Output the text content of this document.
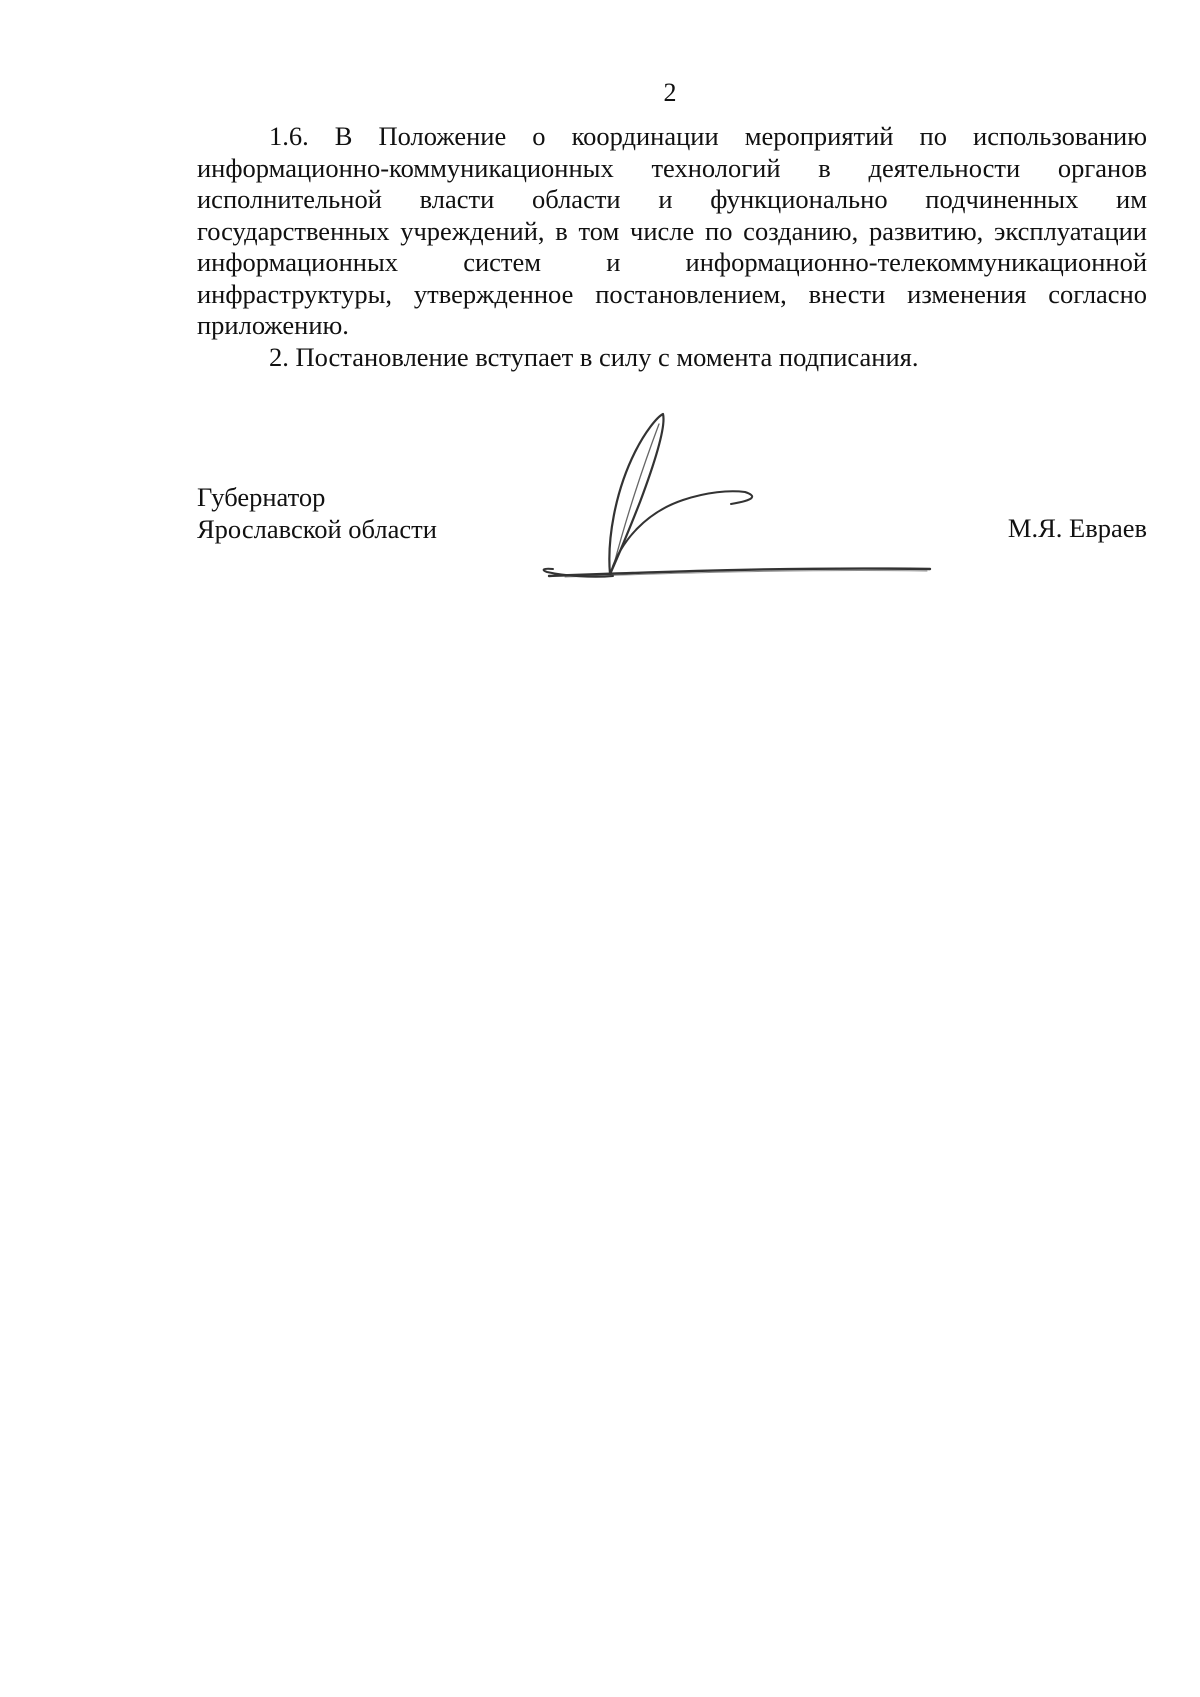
2

1.6. В Положение о координации мероприятий по использованию информационно-коммуникационных технологий в деятельности органов исполнительной власти области и функционально подчиненных им государственных учреждений, в том числе по созданию, развитию, эксплуатации информационных систем и информационно-телекоммуникационной инфраструктуры, утвержденное постановлением, внести изменения согласно приложению.

2. Постановление вступает в силу с момента подписания.

Губернатор
Ярославской области	М.Я. Евраев
